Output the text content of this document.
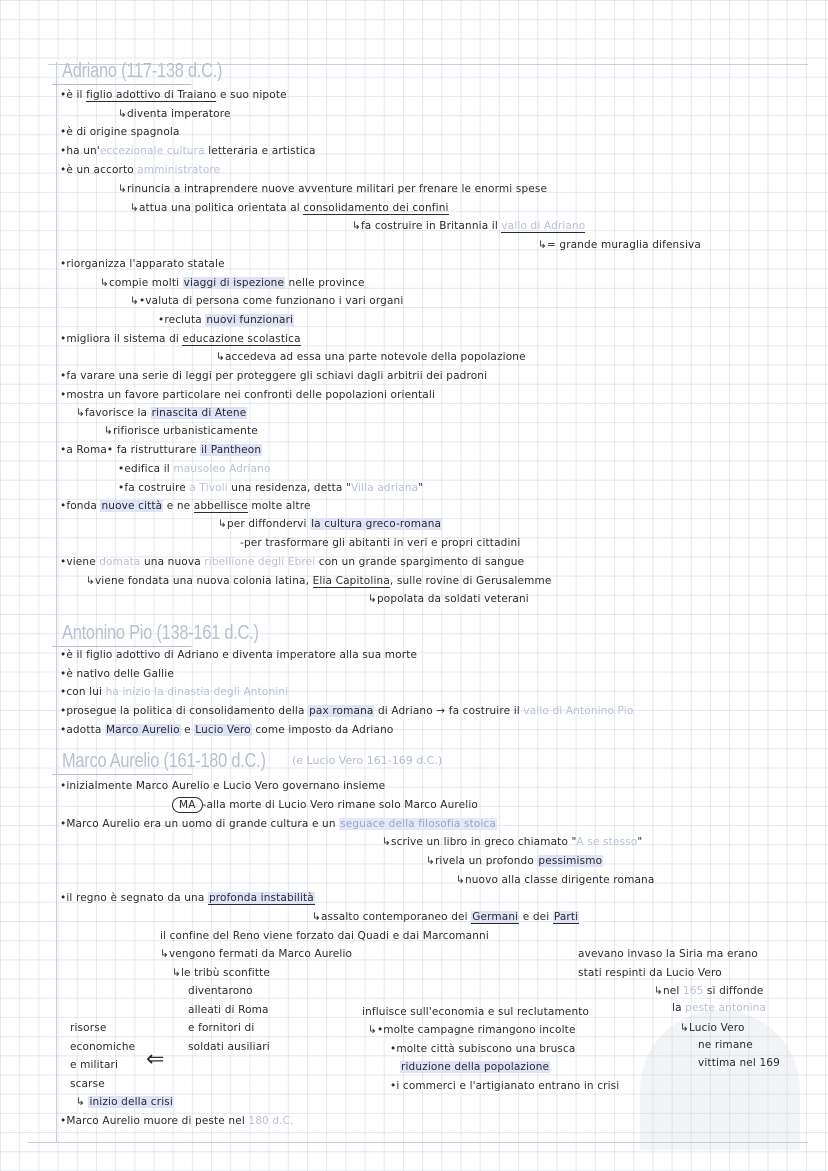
Adriano (117-138 d.C.)
•è il figlio adottivo di Traiano e suo nipote
↳diventa imperatore
•è di origine spagnola
•ha un'eccezionale cultura letteraria e artistica
•è un accorto amministratore
↳rinuncia a intraprendere nuove avventure militari per frenare le enormi spese
↳attua una politica orientata al consolidamento dei confini
↳fa costruire in Britannia il vallo di Adriano
↳= grande muraglia difensiva
•riorganizza l'apparato statale
↳compie molti viaggi di ispezione nelle province
↳•valuta di persona come funzionano i vari organi
•recluta nuovi funzionari
•migliora il sistema di educazione scolastica
↳accedeva ad essa una parte notevole della popolazione
•fa varare una serie di leggi per proteggere gli schiavi dagli arbitrii dei padroni
•mostra un favore particolare nei confronti delle popolazioni orientali
↳favorisce la rinascita di Atene
↳rifiorisce urbanisticamente
•a Roma• fa ristrutturare il Pantheon
•edifica il mausoleo Adriano
•fa costruire a Tivoli una residenza, detta "Villa adriana"
•fonda nuove città e ne abbellisce molte altre
↳per diffondervi la cultura greco-romana
-per trasformare gli abitanti in veri e propri cittadini
•viene domata una nuova ribellione degli Ebrei con un grande spargimento di sangue
↳viene fondata una nuova colonia latina, Elia Capitolina, sulle rovine di Gerusalemme
↳popolata da soldati veterani
Antonino Pio (138-161 d.C.)
•è il figlio adottivo di Adriano e diventa imperatore alla sua morte
•è nativo delle Gallie
•con lui ha inizio la dinastia degli Antonini
•prosegue la politica di consolidamento della pax romana di Adriano → fa costruire il vallo di Antonino Pio
•adotta Marco Aurelio e Lucio Vero come imposto da Adriano
Marco Aurelio (161-180 d.C.) (e Lucio Vero 161-169 d.C.)
•inizialmente Marco Aurelio e Lucio Vero governano insieme
MA -alla morte di Lucio Vero rimane solo Marco Aurelio
•Marco Aurelio era un uomo di grande cultura e un seguace della filosofia stoica
↳scrive un libro in greco chiamato "A se stesso"
↳rivela un profondo pessimismo
↳nuovo alla classe dirigente romana
•il regno è segnato da una profonda instabilità
↳assalto contemporaneo dei Germani e dei Parti
il confine del Reno viene forzato dai Quadi e dai Marcomanni
↳vengono fermati da Marco Aurelio
↳le tribù sconfitte
diventarono
alleati di Roma
e fornitori di
soldati ausiliari
avevano invaso la Siria ma erano
stati respinti da Lucio Vero
↳nel 165 si diffonde
la peste antonina
↳Lucio Vero
ne rimane
vittima nel 169
influisce sull'economia e sul reclutamento
↳•molte campagne rimangono incolte
•molte città subiscono una brusca
riduzione della popolazione
•i commerci e l'artigianato entrano in crisi
risorse
economiche
e militari
scarse
⇐
↳ inizio della crisi
•Marco Aurelio muore di peste nel 180 d.C.
